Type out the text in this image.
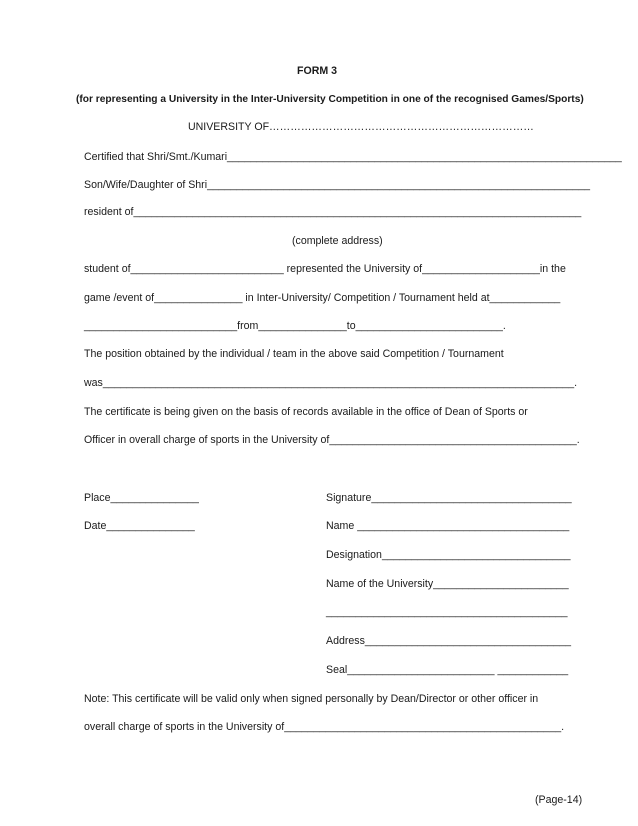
FORM 3

(for representing a University in the Inter-University Competition in one of the recognised Games/Sports)

UNIVERSITY OF…………………………………………………………………

Certified that Shri/Smt./Kumari___________________________________________________________________

Son/Wife/Daughter of Shri_________________________________________________________________

resident of____________________________________________________________________________

(complete address)

student of__________________________ represented the University of____________________in the

game /event of_______________ in Inter-University/ Competition / Tournament held at____________

__________________________from_______________to_________________________.

The position obtained by the individual / team in the above said Competition / Tournament

was________________________________________________________________________________.

The certificate is being given on the basis of records available in the office of Dean of Sports or

Officer in overall charge of sports in the University of__________________________________________.

Place_______________

Date_______________

Signature__________________________________

Name ____________________________________

Designation________________________________

Name of the University_______________________

_________________________________________

Address___________________________________

Seal_________________________ ____________

Note: This certificate will be valid only when signed personally by Dean/Director or other officer in

overall charge of sports in the University of_______________________________________________.

(Page-14)
